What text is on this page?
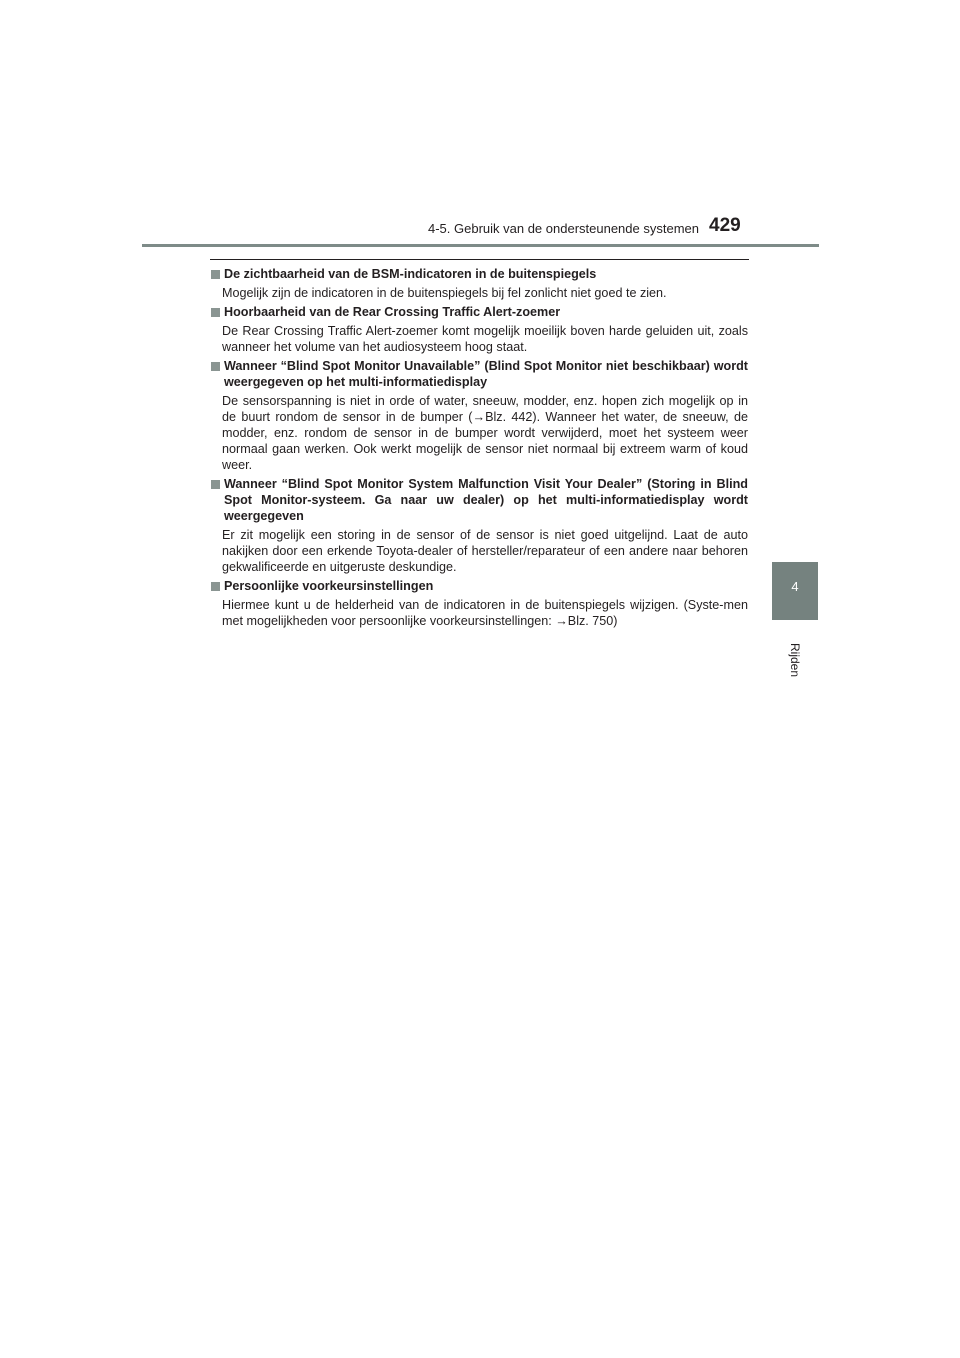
4-5. Gebruik van de ondersteunende systemen 429
4
Rijden
De zichtbaarheid van de BSM-indicatoren in de buitenspiegels
Mogelijk zijn de indicatoren in de buitenspiegels bij fel zonlicht niet goed te zien.
Hoorbaarheid van de Rear Crossing Traffic Alert-zoemer
De Rear Crossing Traffic Alert-zoemer komt mogelijk moeilijk boven harde geluiden uit, zoals wanneer het volume van het audiosysteem hoog staat.
Wanneer “Blind Spot Monitor Unavailable” (Blind Spot Monitor niet beschikbaar) wordt weergegeven op het multi-informatiedisplay
De sensorspanning is niet in orde of water, sneeuw, modder, enz. hopen zich mogelijk op in de buurt rondom de sensor in de bumper (→Blz. 442). Wanneer het water, de sneeuw, de modder, enz. rondom de sensor in de bumper wordt verwijderd, moet het systeem weer normaal gaan werken. Ook werkt mogelijk de sensor niet normaal bij extreem warm of koud weer.
Wanneer “Blind Spot Monitor System Malfunction Visit Your Dealer” (Storing in Blind Spot Monitor-systeem. Ga naar uw dealer) op het multi-informatiedisplay wordt weergegeven
Er zit mogelijk een storing in de sensor of de sensor is niet goed uitgelijnd. Laat de auto nakijken door een erkende Toyota-dealer of hersteller/reparateur of een andere naar behoren gekwalificeerde en uitgeruste deskundige.
Persoonlijke voorkeursinstellingen
Hiermee kunt u de helderheid van de indicatoren in de buitenspiegels wijzigen. (Syste-men met mogelijkheden voor persoonlijke voorkeursinstellingen: →Blz. 750)
